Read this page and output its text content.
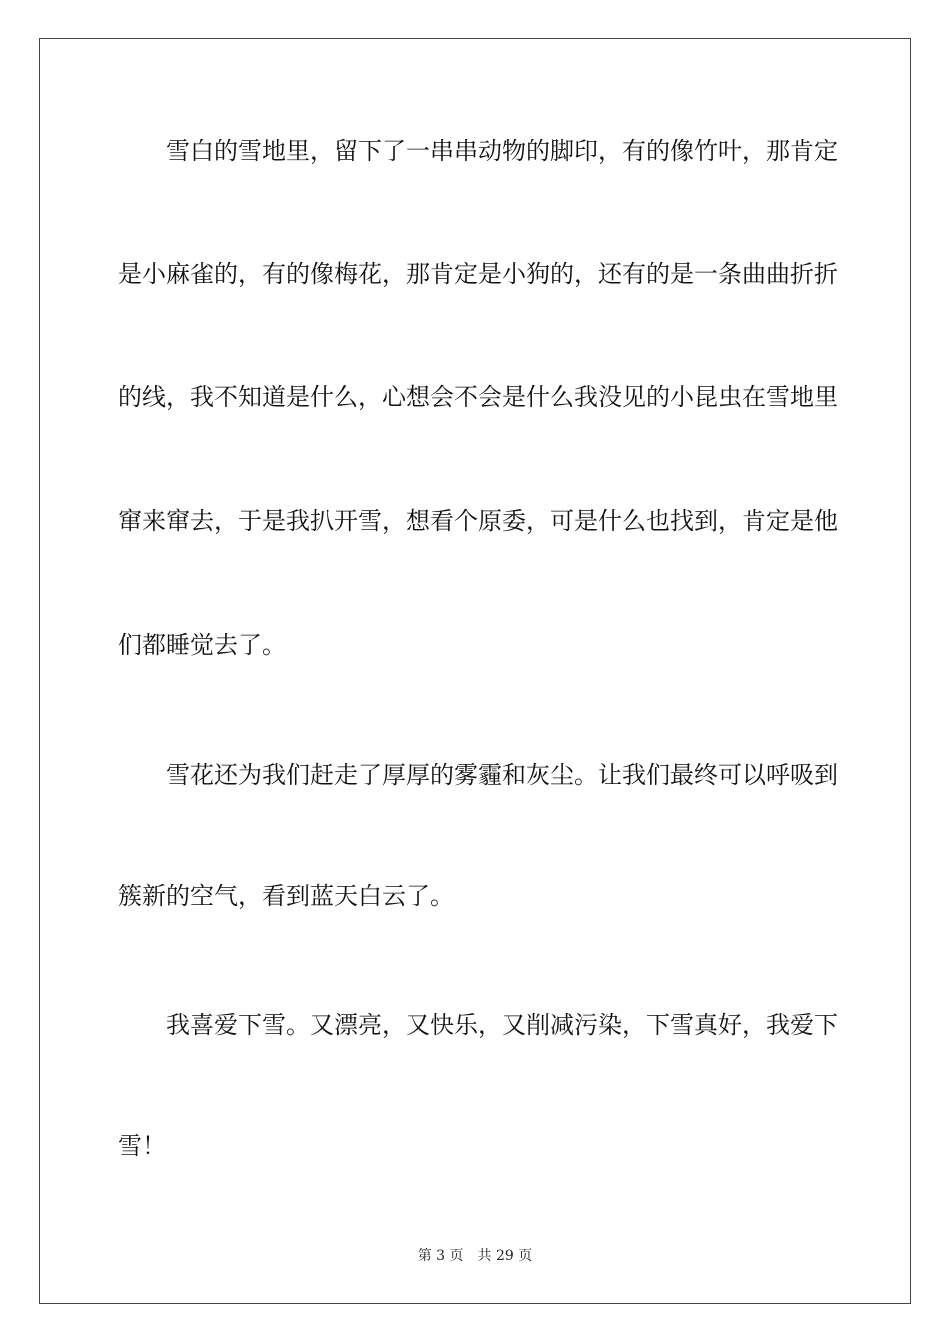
雪白的雪地里，留下了一串串动物的脚印，有的像竹叶，那肯定
是小麻雀的，有的像梅花，那肯定是小狗的，还有的是一条曲曲折折
的线，我不知道是什么，心想会不会是什么我没见的小昆虫在雪地里
窜来窜去，于是我扒开雪，想看个原委，可是什么也找到，肯定是他
们都睡觉去了。
雪花还为我们赶走了厚厚的雾霾和灰尘。让我们最终可以呼吸到
簇新的空气，看到蓝天白云了。
我喜爱下雪。又漂亮，又快乐，又削减污染，下雪真好，我爱下
雪！
第 3 页 共 29 页
